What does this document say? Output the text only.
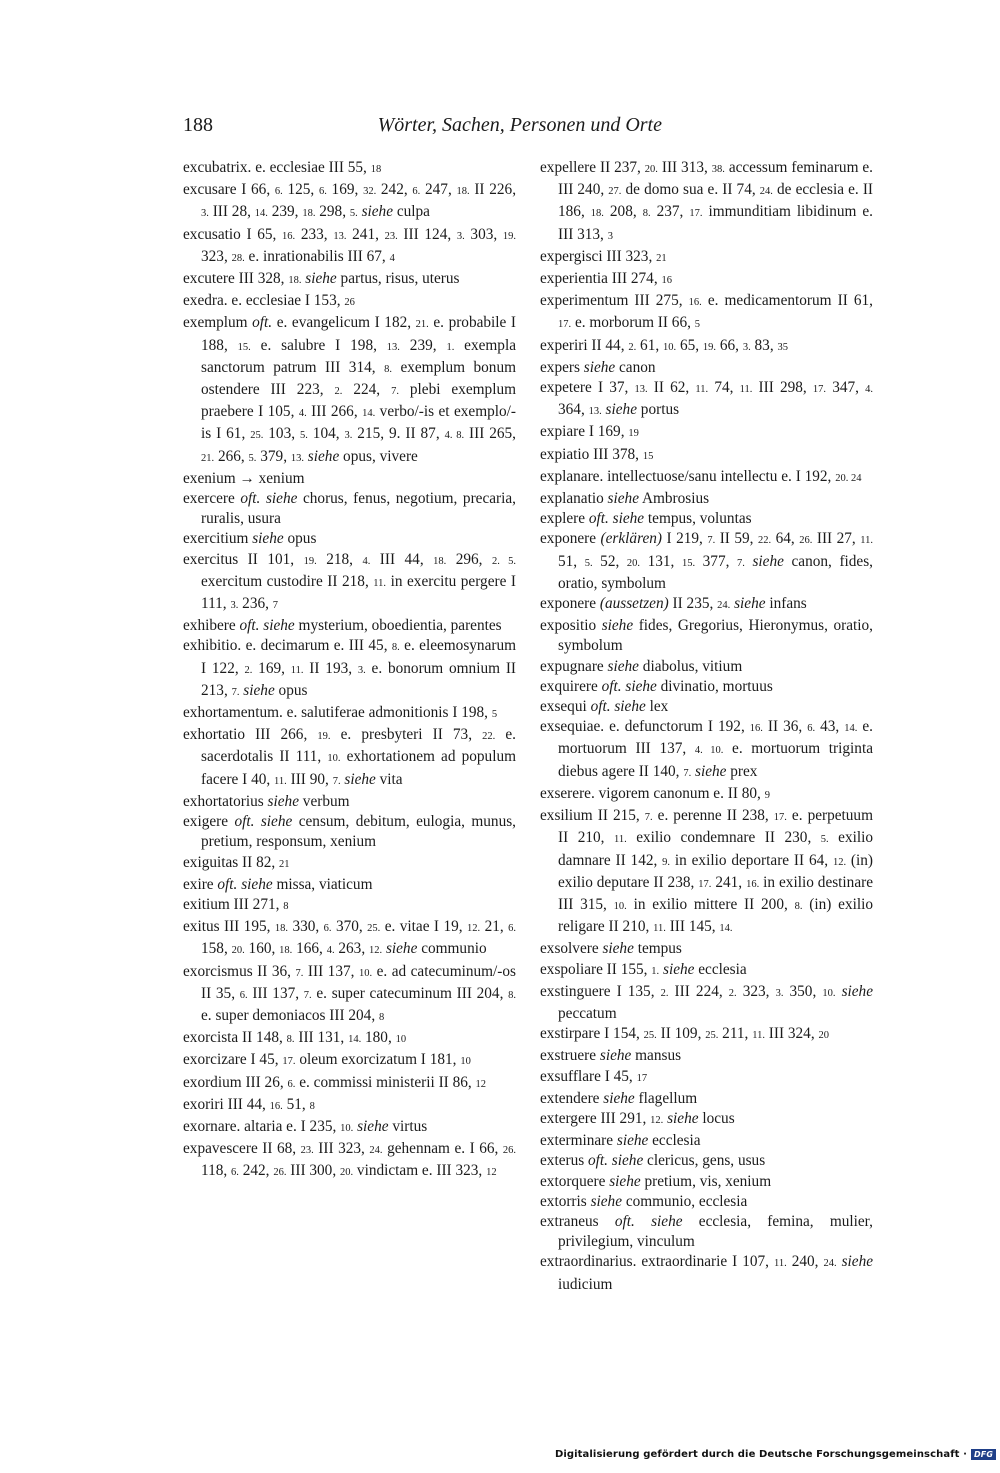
188	Wörter, Sachen, Personen und Orte

excubatrix. e. ecclesiae III 55, 18

excusare I 66, 6. 125, 6. 169, 32. 242, 6. 247, 18. II 226, 3. III 28, 14. 239, 18. 298, 5. siehe culpa

excusatio I 65, 16. 233, 13. 241, 23. III 124, 3. 303, 19. 323, 28. e. inrationabilis III 67, 4

excutere III 328, 18. siehe partus, risus, uterus

exedra. e. ecclesiae I 153, 26

exemplum oft. e. evangelicum I 182, 21. e. probabile I 188, 15. e. salubre I 198, 13. 239, 1. exempla sanctorum patrum III 314, 8. exemplum bonum ostendere III 223, 2. 224, 7. plebi exemplum praebere I 105, 4. III 266, 14. verbo/-is et exemplo/-is I 61, 25. 103, 5. 104, 3. 215, 9. II 87, 4. 8. III 265, 21. 266, 5. 379, 13. siehe opus, vivere

exenium → xenium

exercere oft. siehe chorus, fenus, negotium, precaria, ruralis, usura

exercitium siehe opus

exercitus II 101, 19. 218, 4. III 44, 18. 296, 2. 5. exercitum custodire II 218, 11. in exercitu pergere I 111, 3. 236, 7

exhibere oft. siehe mysterium, oboedientia, parentes

exhibitio. e. decimarum e. III 45, 8. e. eleemosynarum I 122, 2. 169, 11. II 193, 3. e. bonorum omnium II 213, 7. siehe opus

exhortamentum. e. salutiferae admonitionis I 198, 5

exhortatio III 266, 19. e. presbyteri II 73, 22. e. sacerdotalis II 111, 10. exhortationem ad populum facere I 40, 11. III 90, 7. siehe vita

exhortatorius siehe verbum

exigere oft. siehe censum, debitum, eulogia, munus, pretium, responsum, xenium

exiguitas II 82, 21

exire oft. siehe missa, viaticum

exitium III 271, 8

exitus III 195, 18. 330, 6. 370, 25. e. vitae I 19, 12. 21, 6. 158, 20. 160, 18. 166, 4. 263, 12. siehe communio

exorcismus II 36, 7. III 137, 10. e. ad catecuminum/-os II 35, 6. III 137, 7. e. super catecuminum III 204, 8. e. super demoniacos III 204, 8

exorcista II 148, 8. III 131, 14. 180, 10

exorcizare I 45, 17. oleum exorcizatum I 181, 10

exordium III 26, 6. e. commissi ministerii II 86, 12

exoriri III 44, 16. 51, 8

exornare. altaria e. I 235, 10. siehe virtus

expavescere II 68, 23. III 323, 24. gehennam e. I 66, 26. 118, 6. 242, 26. III 300, 20. vindictam e. III 323, 12

expellere II 237, 20. III 313, 38. accessum feminarum e. III 240, 27. de domo sua e. II 74, 24. de ecclesia e. II 186, 18. 208, 8. 237, 17. immunditiam libidinum e. III 313, 3

expergisci III 323, 21

experientia III 274, 16

experimentum III 275, 16. e. medicamentorum II 61, 17. e. morborum II 66, 5

experiri II 44, 2. 61, 10. 65, 19. 66, 3. 83, 35

expers siehe canon

expetere I 37, 13. II 62, 11. 74, 11. III 298, 17. 347, 4. 364, 13. siehe portus

expiare I 169, 19

expiatio III 378, 15

explanare. intellectuose/sanu intellectu e. I 192, 20. 24

explanatio siehe Ambrosius

explere oft. siehe tempus, voluntas

exponere (erklären) I 219, 7. II 59, 22. 64, 26. III 27, 11. 51, 5. 52, 20. 131, 15. 377, 7. siehe canon, fides, oratio, symbolum

exponere (aussetzen) II 235, 24. siehe infans

expositio siehe fides, Gregorius, Hieronymus, oratio, symbolum

expugnare siehe diabolus, vitium

exquirere oft. siehe divinatio, mortuus

exsequi oft. siehe lex

exsequiae. e. defunctorum I 192, 16. II 36, 6. 43, 14. e. mortuorum III 137, 4. 10. e. mortuorum triginta diebus agere II 140, 7. siehe prex

exserere. vigorem canonum e. II 80, 9

exsilium II 215, 7. e. perenne II 238, 17. e. perpetuum II 210, 11. exilio condemnare II 230, 5. exilio damnare II 142, 9. in exilio deportare II 64, 12. (in) exilio deputare II 238, 17. 241, 16. in exilio destinare III 315, 10. in exilio mittere II 200, 8. (in) exilio religare II 210, 11. III 145, 14.

exsolvere siehe tempus

exspoliare II 155, 1. siehe ecclesia

exstinguere I 135, 2. III 224, 2. 323, 3. 350, 10. siehe peccatum

exstirpare I 154, 25. II 109, 25. 211, 11. III 324, 20

exstruere siehe mansus

exsufflare I 45, 17

extendere siehe flagellum

extergere III 291, 12. siehe locus

exterminare siehe ecclesia

exterus oft. siehe clericus, gens, usus

extorquere siehe pretium, vis, xenium

extorris siehe communio, ecclesia

extraneus oft. siehe ecclesia, femina, mulier, privilegium, vinculum

extraordinarius. extraordinarie I 107, 11. 240, 24. siehe iudicium

Digitalisierung gefördert durch die Deutsche Forschungsgemeinschaft · DFG
